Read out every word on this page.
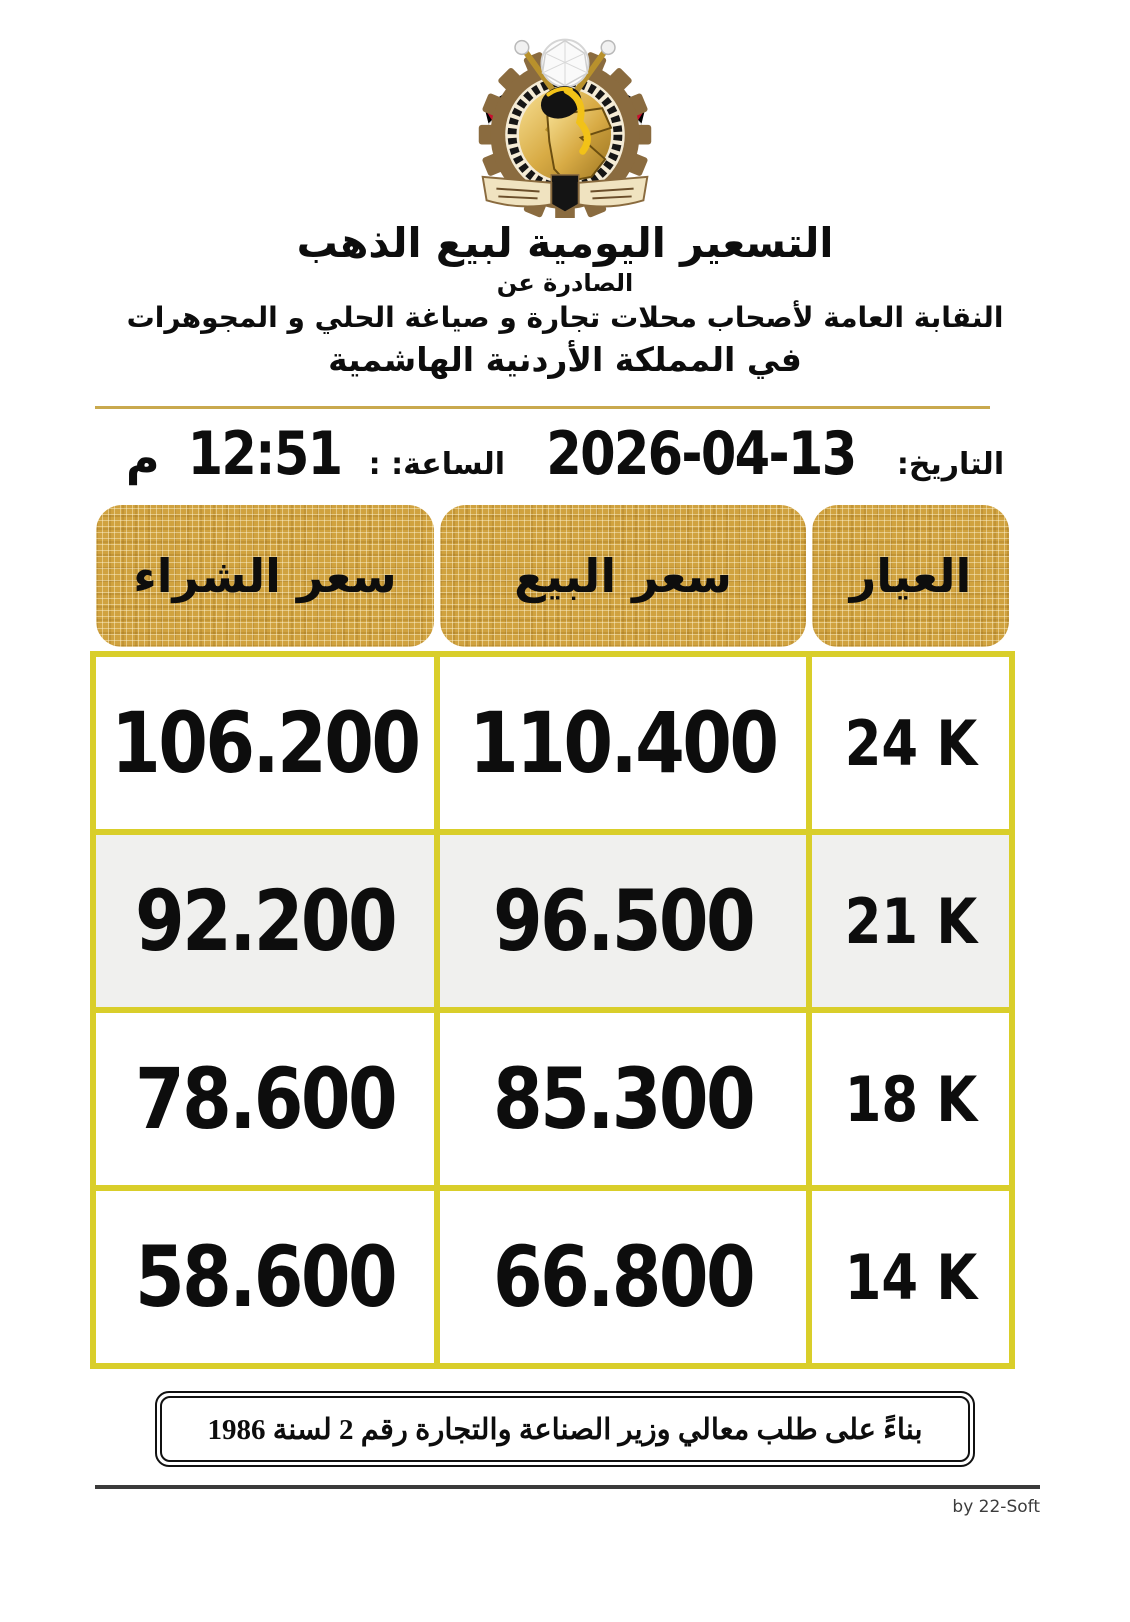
التسعير اليومية لبيع الذهب
الصادرة عن
النقابة العامة لأصحاب محلات تجارة و صياغة الحلي و المجوهرات
في المملكة الأردنية الهاشمية
التاريخ:
2026-04-13
الساعة: :
12:51
م
العيار
سعر البيع
سعر الشراء
24 K
110.400
106.200
21 K
96.500
92.200
18 K
85.300
78.600
14 K
66.800
58.600
بناءً على طلب معالي وزير الصناعة والتجارة رقم 2 لسنة 1986
by 22-Soft
